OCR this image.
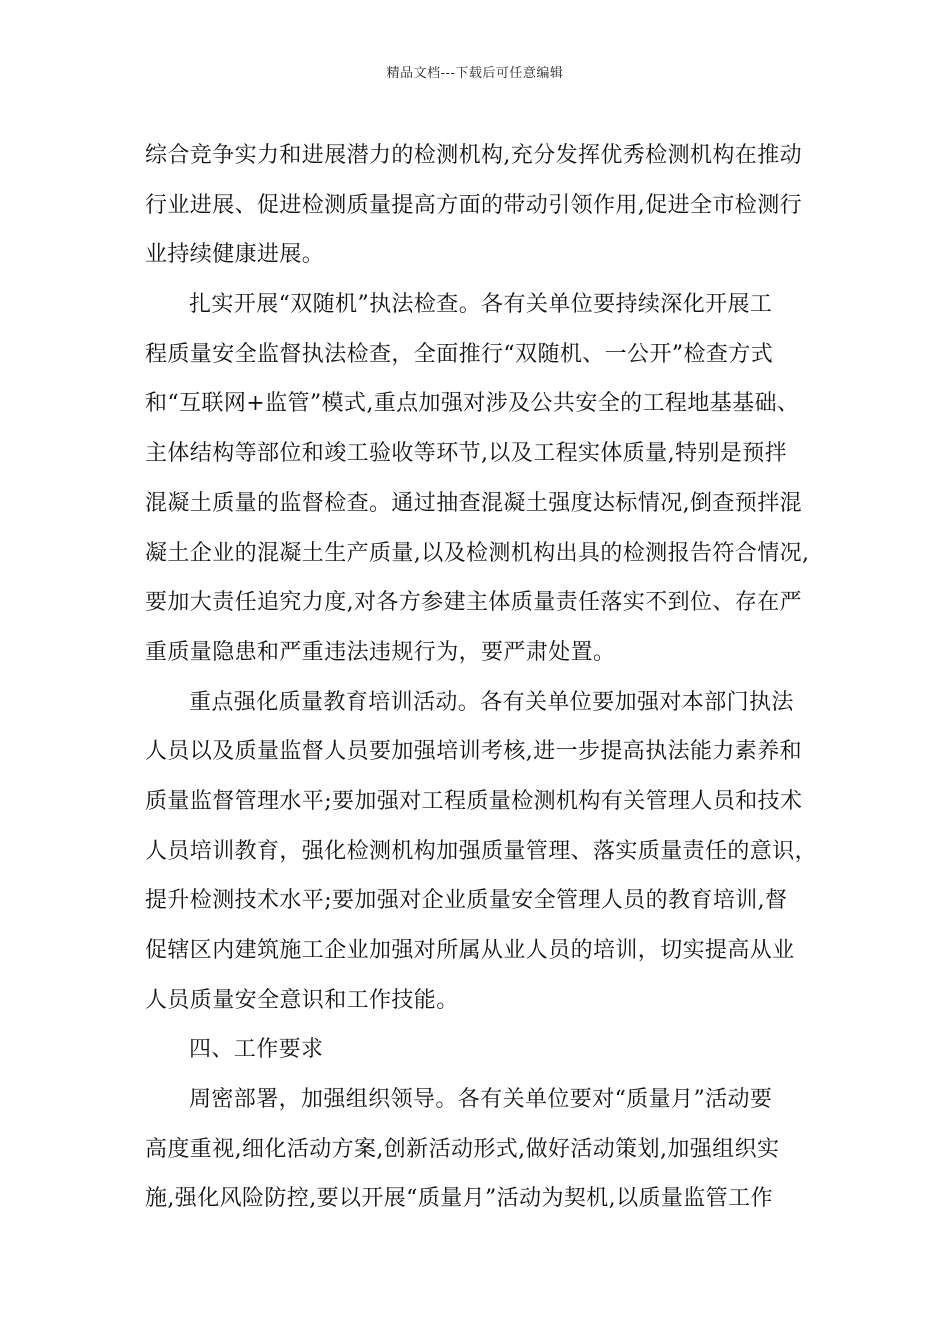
精品文档---下载后可任意编辑
综合竞争实力和进展潜力的检测机构,充分发挥优秀检测机构在推动
行业进展、促进检测质量提高方面的带动引领作用,促进全市检测行
业持续健康进展。
扎实开展“双随机”执法检查。各有关单位要持续深化开展工
程质量安全监督执法检查，全面推行“双随机、一公开”检查方式
和“互联网+监管”模式,重点加强对涉及公共安全的工程地基基础、
主体结构等部位和竣工验收等环节,以及工程实体质量,特别是预拌
混凝土质量的监督检查。通过抽查混凝土强度达标情况,倒查预拌混
凝土企业的混凝土生产质量,以及检测机构出具的检测报告符合情况,
要加大责任追究力度,对各方参建主体质量责任落实不到位、存在严
重质量隐患和严重违法违规行为，要严肃处置。
重点强化质量教育培训活动。各有关单位要加强对本部门执法
人员以及质量监督人员要加强培训考核,进一步提高执法能力素养和
质量监督管理水平;要加强对工程质量检测机构有关管理人员和技术
人员培训教育，强化检测机构加强质量管理、落实质量责任的意识，
提升检测技术水平;要加强对企业质量安全管理人员的教育培训,督
促辖区内建筑施工企业加强对所属从业人员的培训，切实提高从业
人员质量安全意识和工作技能。
四、工作要求
周密部署，加强组织领导。各有关单位要对“质量月”活动要
高度重视,细化活动方案,创新活动形式,做好活动策划,加强组织实
施,强化风险防控,要以开展“质量月”活动为契机,以质量监管工作
